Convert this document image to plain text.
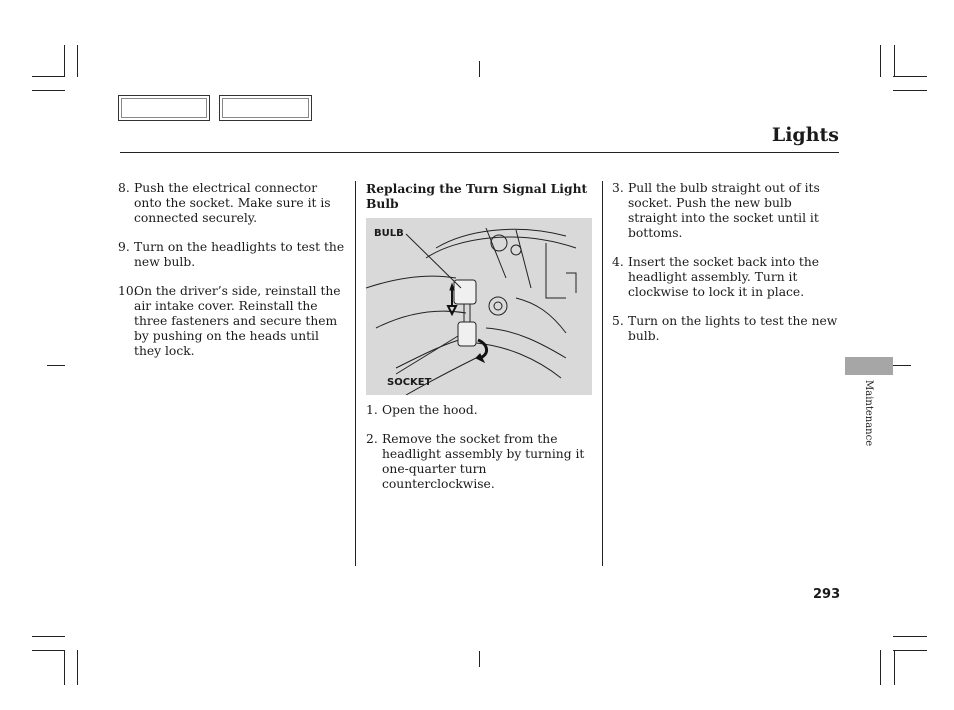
Lights
8. Push the electrical connector onto the socket. Make sure it is connected securely.
9. Turn on the headlights to test the new bulb.
10.
On the driver’s side, reinstall the air intake cover. Reinstall the three fasteners and secure them by pushing on the heads until they lock.
Replacing the Turn Signal Light Bulb
BULB
SOCKET
1. Open the hood.
2. Remove the socket from the headlight assembly by turning it one-quarter turn counterclockwise.
3. Pull the bulb straight out of its socket. Push the new bulb straight into the socket until it bottoms.
4. Insert the socket back into the headlight assembly. Turn it clockwise to lock it in place.
5. Turn on the lights to test the new bulb.
Maintenance
293
